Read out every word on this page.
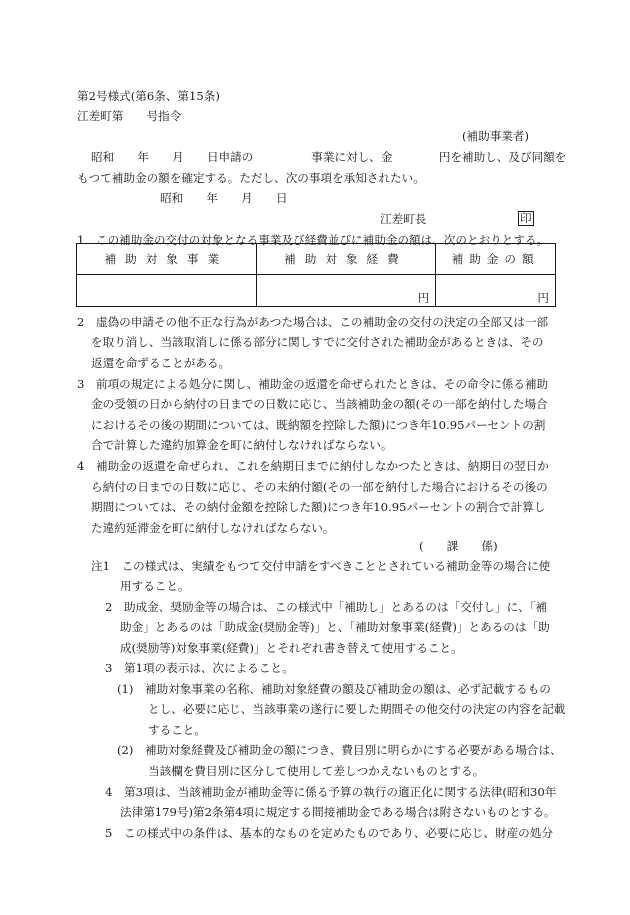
第2号様式(第6条、第15条)
江差町第　　号指令
(補助事業者)
昭和　　年　　月　　日申請の　　　　　事業に対し、金　　　　円を補助し、及び同額を
もつて補助金の額を確定する。ただし、次の事項を承知されたい。
昭和　　年　　月　　日
江差町長	印
1　この補助金の交付の対象となる事業及び経費並びに補助金の額は、次のとおりとする。
補助対象事業	補助対象経費	補助金の額
	円	円
2　虚偽の申請その他不正な行為があつた場合は、この補助金の交付の決定の全部又は一部
を取り消し、当該取消しに係る部分に関しすでに交付された補助金があるときは、その
返還を命ずることがある。
3　前項の規定による処分に関し、補助金の返還を命ぜられたときは、その命令に係る補助
金の受領の日から納付の日までの日数に応じ、当該補助金の額(その一部を納付した場合
におけるその後の期間については、既納額を控除した額)につき年10.95パーセントの割
合で計算した違約加算金を町に納付しなければならない。
4　補助金の返還を命ぜられ、これを納期日までに納付しなかつたときは、納期日の翌日か
ら納付の日までの日数に応じ、その未納付額(その一部を納付した場合におけるその後の
期間については、その納付金額を控除した額)につき年10.95パーセントの割合で計算し
た違約延滞金を町に納付しなければならない。
(　　課　　係)
注1　この様式は、実績をもつて交付申請をすべきこととされている補助金等の場合に使
用すること。
2　助成金、奨励金等の場合は、この様式中「補助し」とあるのは「交付し」に、「補
助金」とあるのは「助成金(奨励金等)」と、「補助対象事業(経費)」とあるのは「助
成(奨励等)対象事業(経費)」とそれぞれ書き替えて使用すること。
3　第1項の表示は、次によること。
(1)　補助対象事業の名称、補助対象経費の額及び補助金の額は、必ず記載するもの
とし、必要に応じ、当該事業の遂行に要した期間その他交付の決定の内容を記載
すること。
(2)　補助対象経費及び補助金の額につき、費目別に明らかにする必要がある場合は、
当該欄を費目別に区分して使用して差しつかえないものとする。
4　第3項は、当該補助金が補助金等に係る予算の執行の適正化に関する法律(昭和30年
法律第179号)第2条第4項に規定する間接補助金である場合は附さないものとする。
5　この様式中の条件は、基本的なものを定めたものであり、必要に応じ、財産の処分
